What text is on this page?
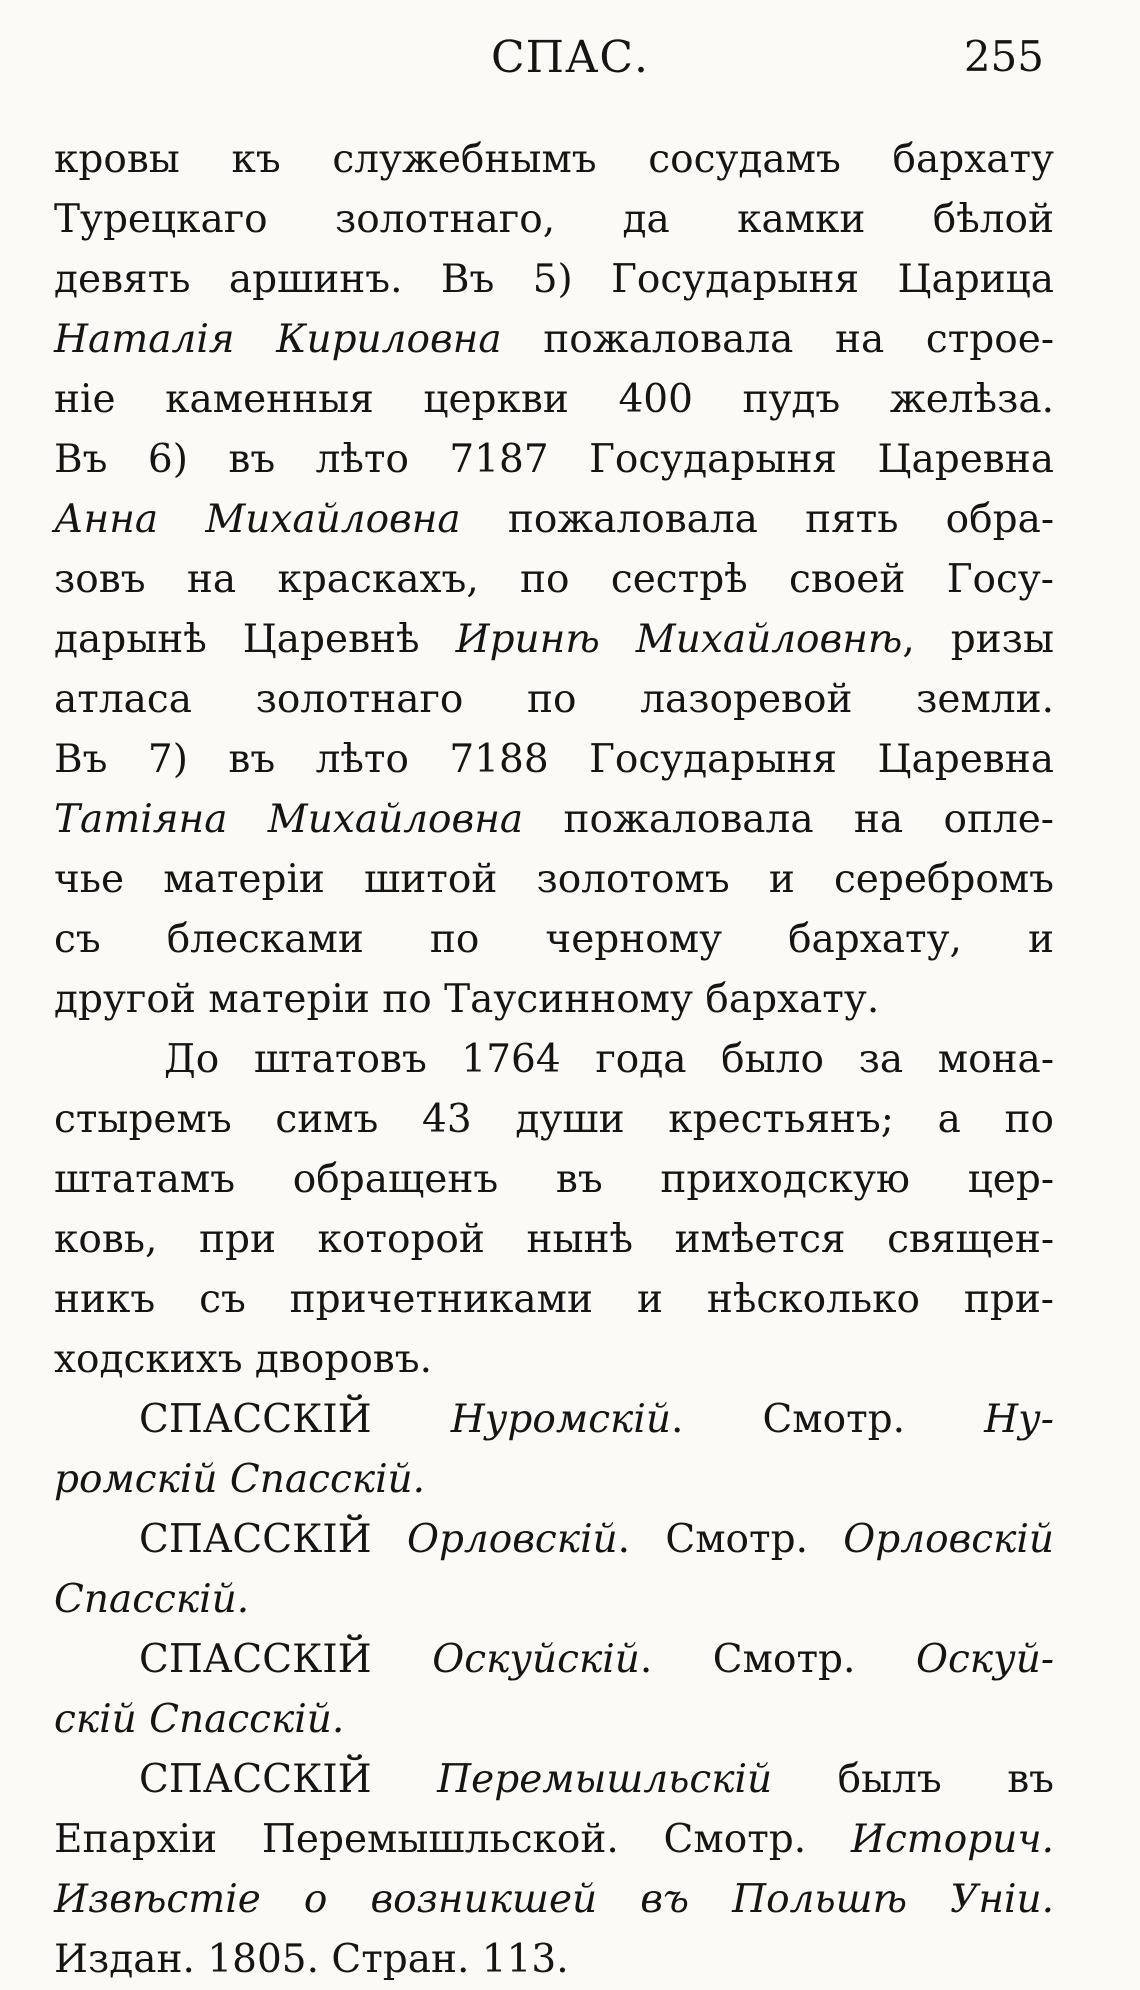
СПАС.	255
кровы къ служебнымъ сосудамъ бархату
Турецкаго золотнаго, да камки бѣлой
девять аршинъ. Въ 5) Государыня Царица
Наталія Кириловна пожаловала на строе-
ніе каменныя церкви 400 пудъ желѣза.
Въ 6) въ лѣто 7187 Государыня Царевна
Анна Михайловна пожаловала пять обра-
зовъ на краскахъ, по сестрѣ своей Госу-
дарынѣ Царевнѣ Иринѣ Михайловнѣ, ризы
атласа золотнаго по лазоревой земли.
Въ 7) въ лѣто 7188 Государыня Царевна
Татіяна Михайловна пожаловала на опле-
чье матеріи шитой золотомъ и серебромъ
съ блесками по черному бархату, и
другой матеріи по Таусинному бархату.
До штатовъ 1764 года было за мона-
стыремъ симъ 43 души крестьянъ; а по
штатамъ обращенъ въ приходскую цер-
ковь, при которой нынѣ имѣется священ-
никъ съ причетниками и нѣсколько при-
ходскихъ дворовъ.
СПАССКІЙ Нуромскій. Смотр. Ну-
ромскій Спасскій.
СПАССКІЙ Орловскій. Смотр. Орловскій
Спасскій.
СПАССКІЙ Оскуйскій. Смотр. Оскуй-
скій Спасскій.
СПАССКІЙ Перемышльскій былъ въ
Епархіи Перемышльской. Смотр. Историч.
Извѣстіе о возникшей въ Польшѣ Уніи.
Издан. 1805. Стран. 113.
